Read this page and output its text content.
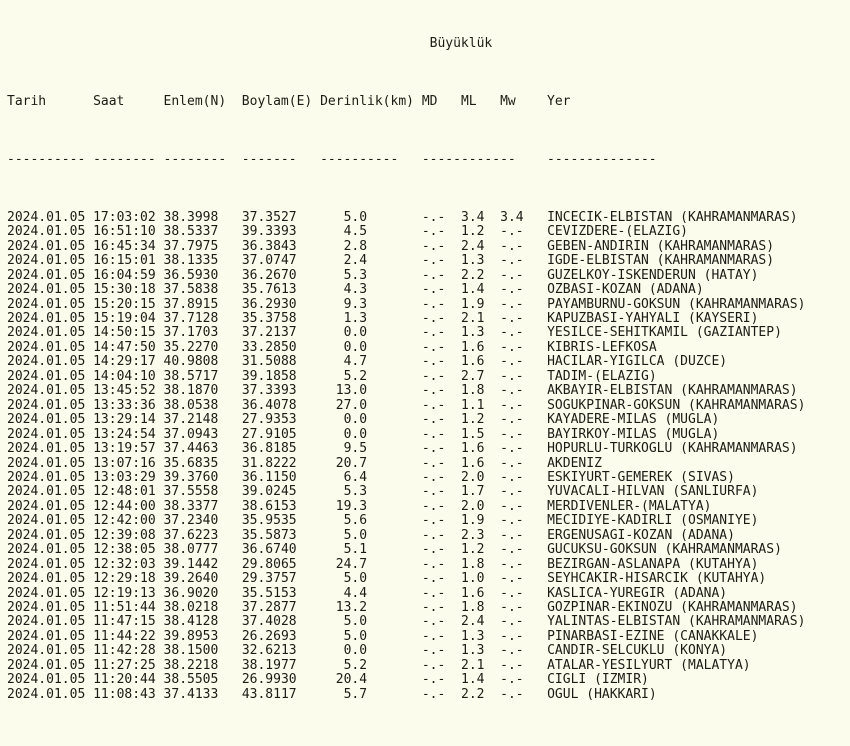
Büyüklük

Tarih	Saat	Enlem(N) Boylam(E) Derinlik(km) MD ML Mw Yer

---------- -------- -------- ------- ---------- ------------ --------------

2024.01.05 17:03:02 38.3998   37.3527      5.0       -.-  3.4  3.4   INCECIK-ELBISTAN (KAHRAMANMARAS)
2024.01.05 16:51:10 38.5337   39.3393      4.5       -.-  1.2  -.-   CEVIZDERE-(ELAZIG)
2024.01.05 16:45:34 37.7975   36.3843      2.8       -.-  2.4  -.-   GEBEN-ANDIRIN (KAHRAMANMARAS)
2024.01.05 16:15:01 38.1335   37.0747      2.4       -.-  1.3  -.-   IGDE-ELBISTAN (KAHRAMANMARAS)
2024.01.05 16:04:59 36.5930   36.2670      5.3       -.-  2.2  -.-   GUZELKOY-ISKENDERUN (HATAY)
2024.01.05 15:30:18 37.5838   35.7613      4.3       -.-  1.4  -.-   OZBASI-KOZAN (ADANA)
2024.01.05 15:20:15 37.8915   36.2930      9.3       -.-  1.9  -.-   PAYAMBURNU-GOKSUN (KAHRAMANMARAS)
2024.01.05 15:19:04 37.7128   35.3758      1.3       -.-  2.1  -.-   KAPUZBASI-YAHYALI (KAYSERI)
2024.01.05 14:50:15 37.1703   37.2137      0.0       -.-  1.3  -.-   YESILCE-SEHITKAMIL (GAZIANTEP)
2024.01.05 14:47:50 35.2270   33.2850      0.0       -.-  1.6  -.-   KIBRIS-LEFKOSA
2024.01.05 14:29:17 40.9808   31.5088      4.7       -.-  1.6  -.-   HACILAR-YIGILCA (DUZCE)
2024.01.05 14:04:10 38.5717   39.1858      5.2       -.-  2.7  -.-   TADIM-(ELAZIG)
2024.01.05 13:45:52 38.1870   37.3393     13.0       -.-  1.8  -.-   AKBAYIR-ELBISTAN (KAHRAMANMARAS)
2024.01.05 13:33:36 38.0538   36.4078     27.0       -.-  1.1  -.-   SOGUKPINAR-GOKSUN (KAHRAMANMARAS)
2024.01.05 13:29:14 37.2148   27.9353      0.0       -.-  1.2  -.-   KAYADERE-MILAS (MUGLA)
2024.01.05 13:24:54 37.0943   27.9105      0.0       -.-  1.5  -.-   BAYIRKOY-MILAS (MUGLA)
2024.01.05 13:19:57 37.4463   36.8185      9.5       -.-  1.6  -.-   HOPURLU-TURKOGLU (KAHRAMANMARAS)
2024.01.05 13:07:16 35.6835   31.8222     20.7       -.-  1.6  -.-   AKDENIZ
2024.01.05 13:03:29 39.3760   36.1150      6.4       -.-  2.0  -.-   ESKIYURT-GEMEREK (SIVAS)
2024.01.05 12:48:01 37.5558   39.0245      5.3       -.-  1.7  -.-   YUVACALI-HILVAN (SANLIURFA)
2024.01.05 12:44:00 38.3377   38.6153     19.3       -.-  2.0  -.-   MERDIVENLER-(MALATYA)
2024.01.05 12:42:00 37.2340   35.9535      5.6       -.-  1.9  -.-   MECIDIYE-KADIRLI (OSMANIYE)
2024.01.05 12:39:08 37.6223   35.5873      5.0       -.-  2.3  -.-   ERGENUSAGI-KOZAN (ADANA)
2024.01.05 12:38:05 38.0777   36.6740      5.1       -.-  1.2  -.-   GUCUKSU-GOKSUN (KAHRAMANMARAS)
2024.01.05 12:32:03 39.1442   29.8065     24.7       -.-  1.8  -.-   BEZIRGAN-ASLANAPA (KUTAHYA)
2024.01.05 12:29:18 39.2640   29.3757      5.0       -.-  1.0  -.-   SEYHCAKIR-HISARCIK (KUTAHYA)
2024.01.05 12:19:13 36.9020   35.5153      4.4       -.-  1.6  -.-   KASLICA-YUREGIR (ADANA)
2024.01.05 11:51:44 38.0218   37.2877     13.2       -.-  1.8  -.-   GOZPINAR-EKINOZU (KAHRAMANMARAS)
2024.01.05 11:47:15 38.4128   37.4028      5.0       -.-  2.4  -.-   YALINTAS-ELBISTAN (KAHRAMANMARAS)
2024.01.05 11:44:22 39.8953   26.2693      5.0       -.-  1.3  -.-   PINARBASI-EZINE (CANAKKALE)
2024.01.05 11:42:28 38.1500   32.6213      0.0       -.-  1.3  -.-   CANDIR-SELCUKLU (KONYA)
2024.01.05 11:27:25 38.2218   38.1977      5.2       -.-  2.1  -.-   ATALAR-YESILYURT (MALATYA)
2024.01.05 11:20:44 38.5505   26.9930     20.4       -.-  1.4  -.-   CIGLI (IZMIR)
2024.01.05 11:08:43 37.4133   43.8117      5.7       -.-  2.2  -.-   OGUL (HAKKARI)
